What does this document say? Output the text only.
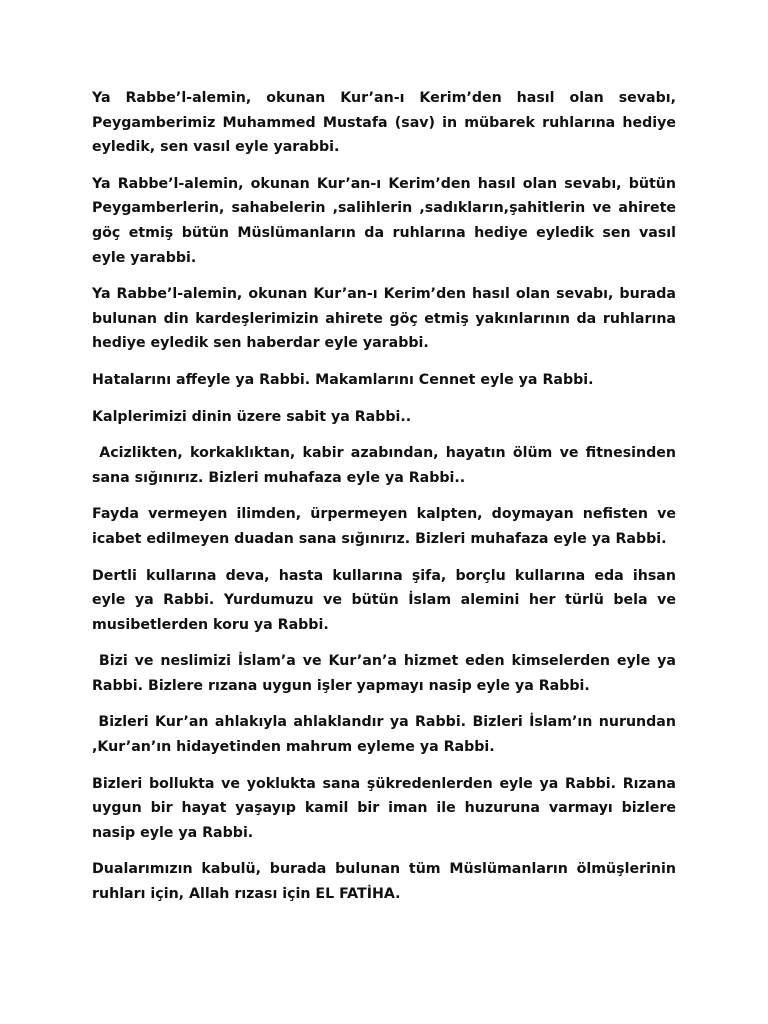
Ya Rabbe’l-alemin, okunan Kur’an-ı Kerim’den hasıl olan sevabı, Peygamberimiz Muhammed Mustafa (sav) in mübarek ruhlarına hediye eyledik, sen vasıl eyle yarabbi.

Ya Rabbe’l-alemin, okunan Kur’an-ı Kerim’den hasıl olan sevabı, bütün Peygamberlerin, sahabelerin ,salihlerin ,sadıkların,şahitlerin ve ahirete göç etmiş bütün Müslümanların da ruhlarına hediye eyledik sen vasıl eyle yarabbi.

Ya Rabbe’l-alemin, okunan Kur’an-ı Kerim’den hasıl olan sevabı, burada bulunan din kardeşlerimizin ahirete göç etmiş yakınlarının da ruhlarına hediye eyledik sen haberdar eyle yarabbi.

Hatalarını affeyle ya Rabbi. Makamlarını Cennet eyle ya Rabbi.

Kalplerimizi dinin üzere sabit ya Rabbi..

Acizlikten, korkaklıktan, kabir azabından, hayatın ölüm ve fitnesinden sana sığınırız. Bizleri muhafaza eyle ya Rabbi..

Fayda vermeyen ilimden, ürpermeyen kalpten, doymayan nefisten ve icabet edilmeyen duadan sana sığınırız. Bizleri muhafaza eyle ya Rabbi.

Dertli kullarına deva, hasta kullarına şifa, borçlu kullarına eda ihsan eyle ya Rabbi. Yurdumuzu ve bütün İslam alemini her türlü bela ve musibetlerden koru ya Rabbi.

Bizi ve neslimizi İslam’a ve Kur’an’a hizmet eden kimselerden eyle ya Rabbi. Bizlere rızana uygun işler yapmayı nasip eyle ya Rabbi.

Bizleri Kur’an ahlakıyla ahlaklandır ya Rabbi. Bizleri İslam’ın nurundan ,Kur’an’ın hidayetinden mahrum eyleme ya Rabbi.

Bizleri bollukta ve yoklukta sana şükredenlerden eyle ya Rabbi. Rızana uygun bir hayat yaşayıp kamil bir iman ile huzuruna varmayı bizlere nasip eyle ya Rabbi.

Dualarımızın kabulü, burada bulunan tüm Müslümanların ölmüşlerinin ruhları için, Allah rızası için EL FATİHA.
